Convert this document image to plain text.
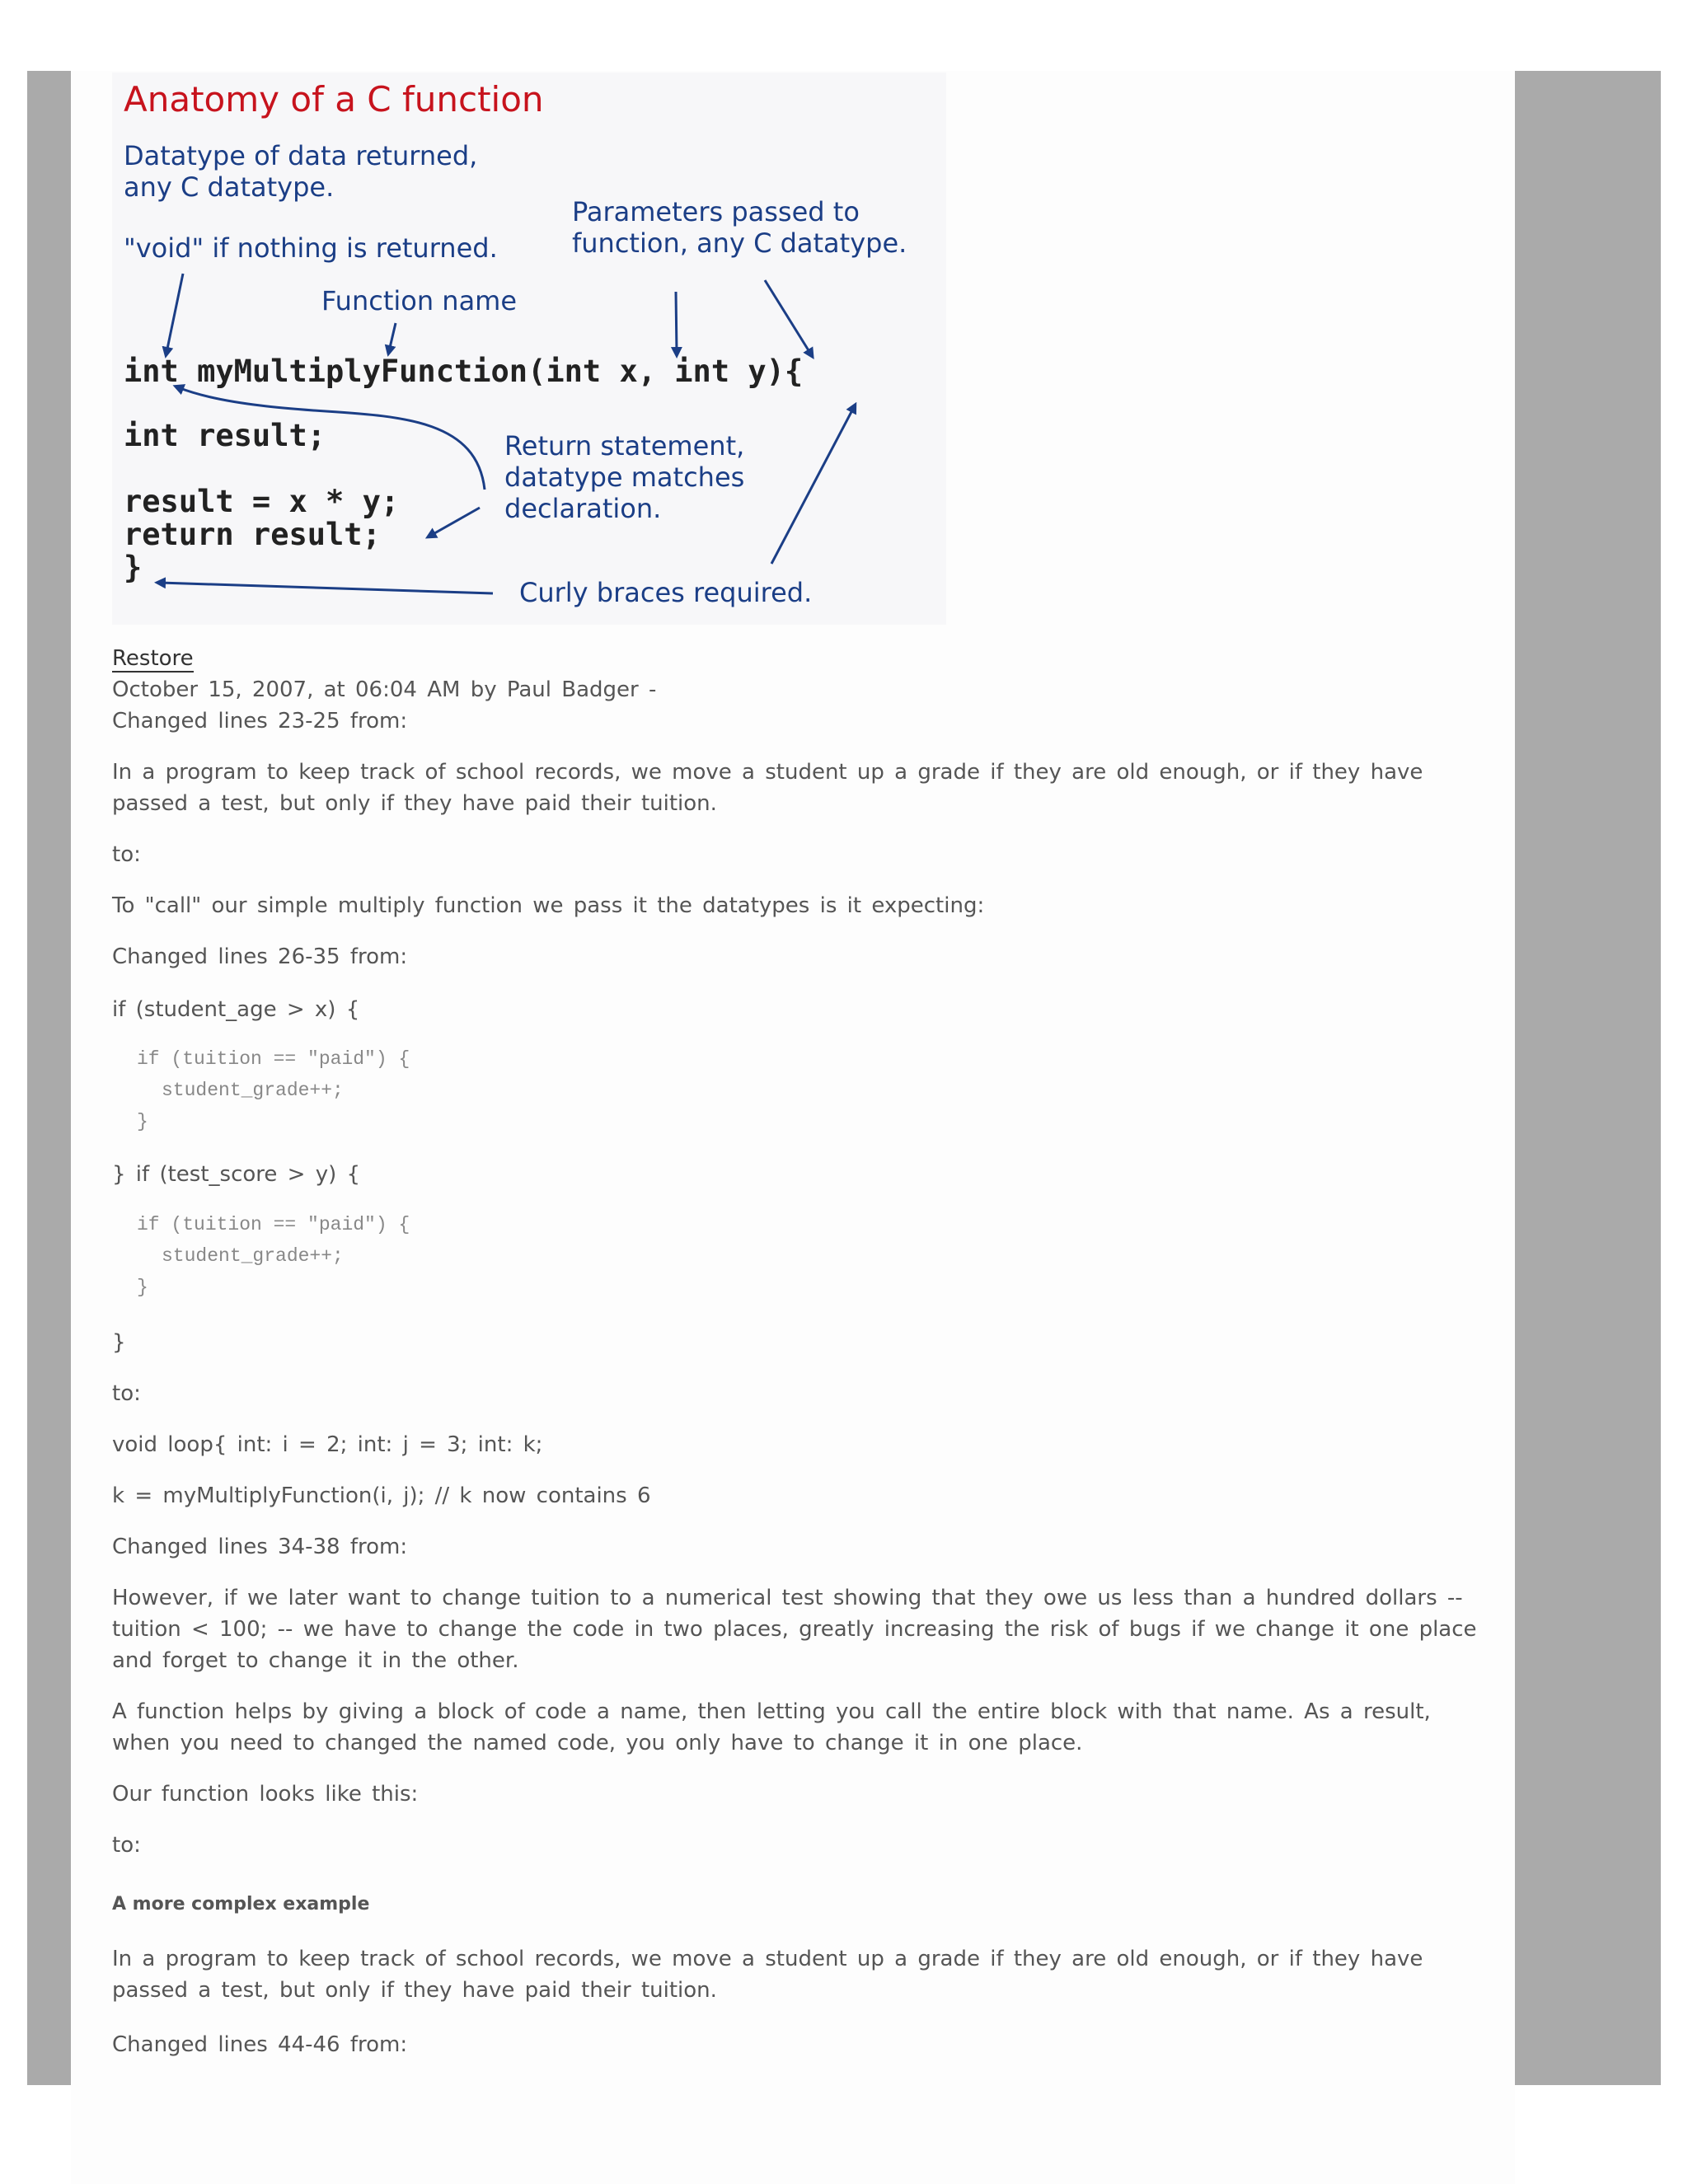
Anatomy of a C function
Datatype of data returned,
any C datatype.
"void" if nothing is returned.
Parameters passed to
function, any C datatype.
Function name
int myMultiplyFunction(int x, int y){
int result;
result = x * y;
return result;
}
Return statement,
datatype matches
declaration.
Curly braces required.
Restore
October 15, 2007, at 06:04 AM by Paul Badger -
Changed lines 23-25 from:

In a program to keep track of school records, we move a student up a grade if they are old enough, or if they have passed a test, but only if they have paid their tuition.

to:
To "call" our simple multiply function we pass it the datatypes is it expecting:
Changed lines 26-35 from:
if (student_age > x) {
if (tuition == "paid") {
student_grade++;
}
} if (test_score > y) {
if (tuition == "paid") {
student_grade++;
}
}
to:
void loop{ int: i = 2; int: j = 3; int: k;
k = myMultiplyFunction(i, j); // k now contains 6
Changed lines 34-38 from:

However, if we later want to change tuition to a numerical test showing that they owe us less than a hundred dollars -- tuition < 100; -- we have to change the code in two places, greatly increasing the risk of bugs if we change it one place and forget to change it in the other.

A function helps by giving a block of code a name, then letting you call the entire block with that name. As a result, when you need to changed the named code, you only have to change it in one place.

Our function looks like this:
to:
A more complex example

In a program to keep track of school records, we move a student up a grade if they are old enough, or if they have passed a test, but only if they have paid their tuition.

Changed lines 44-46 from:
